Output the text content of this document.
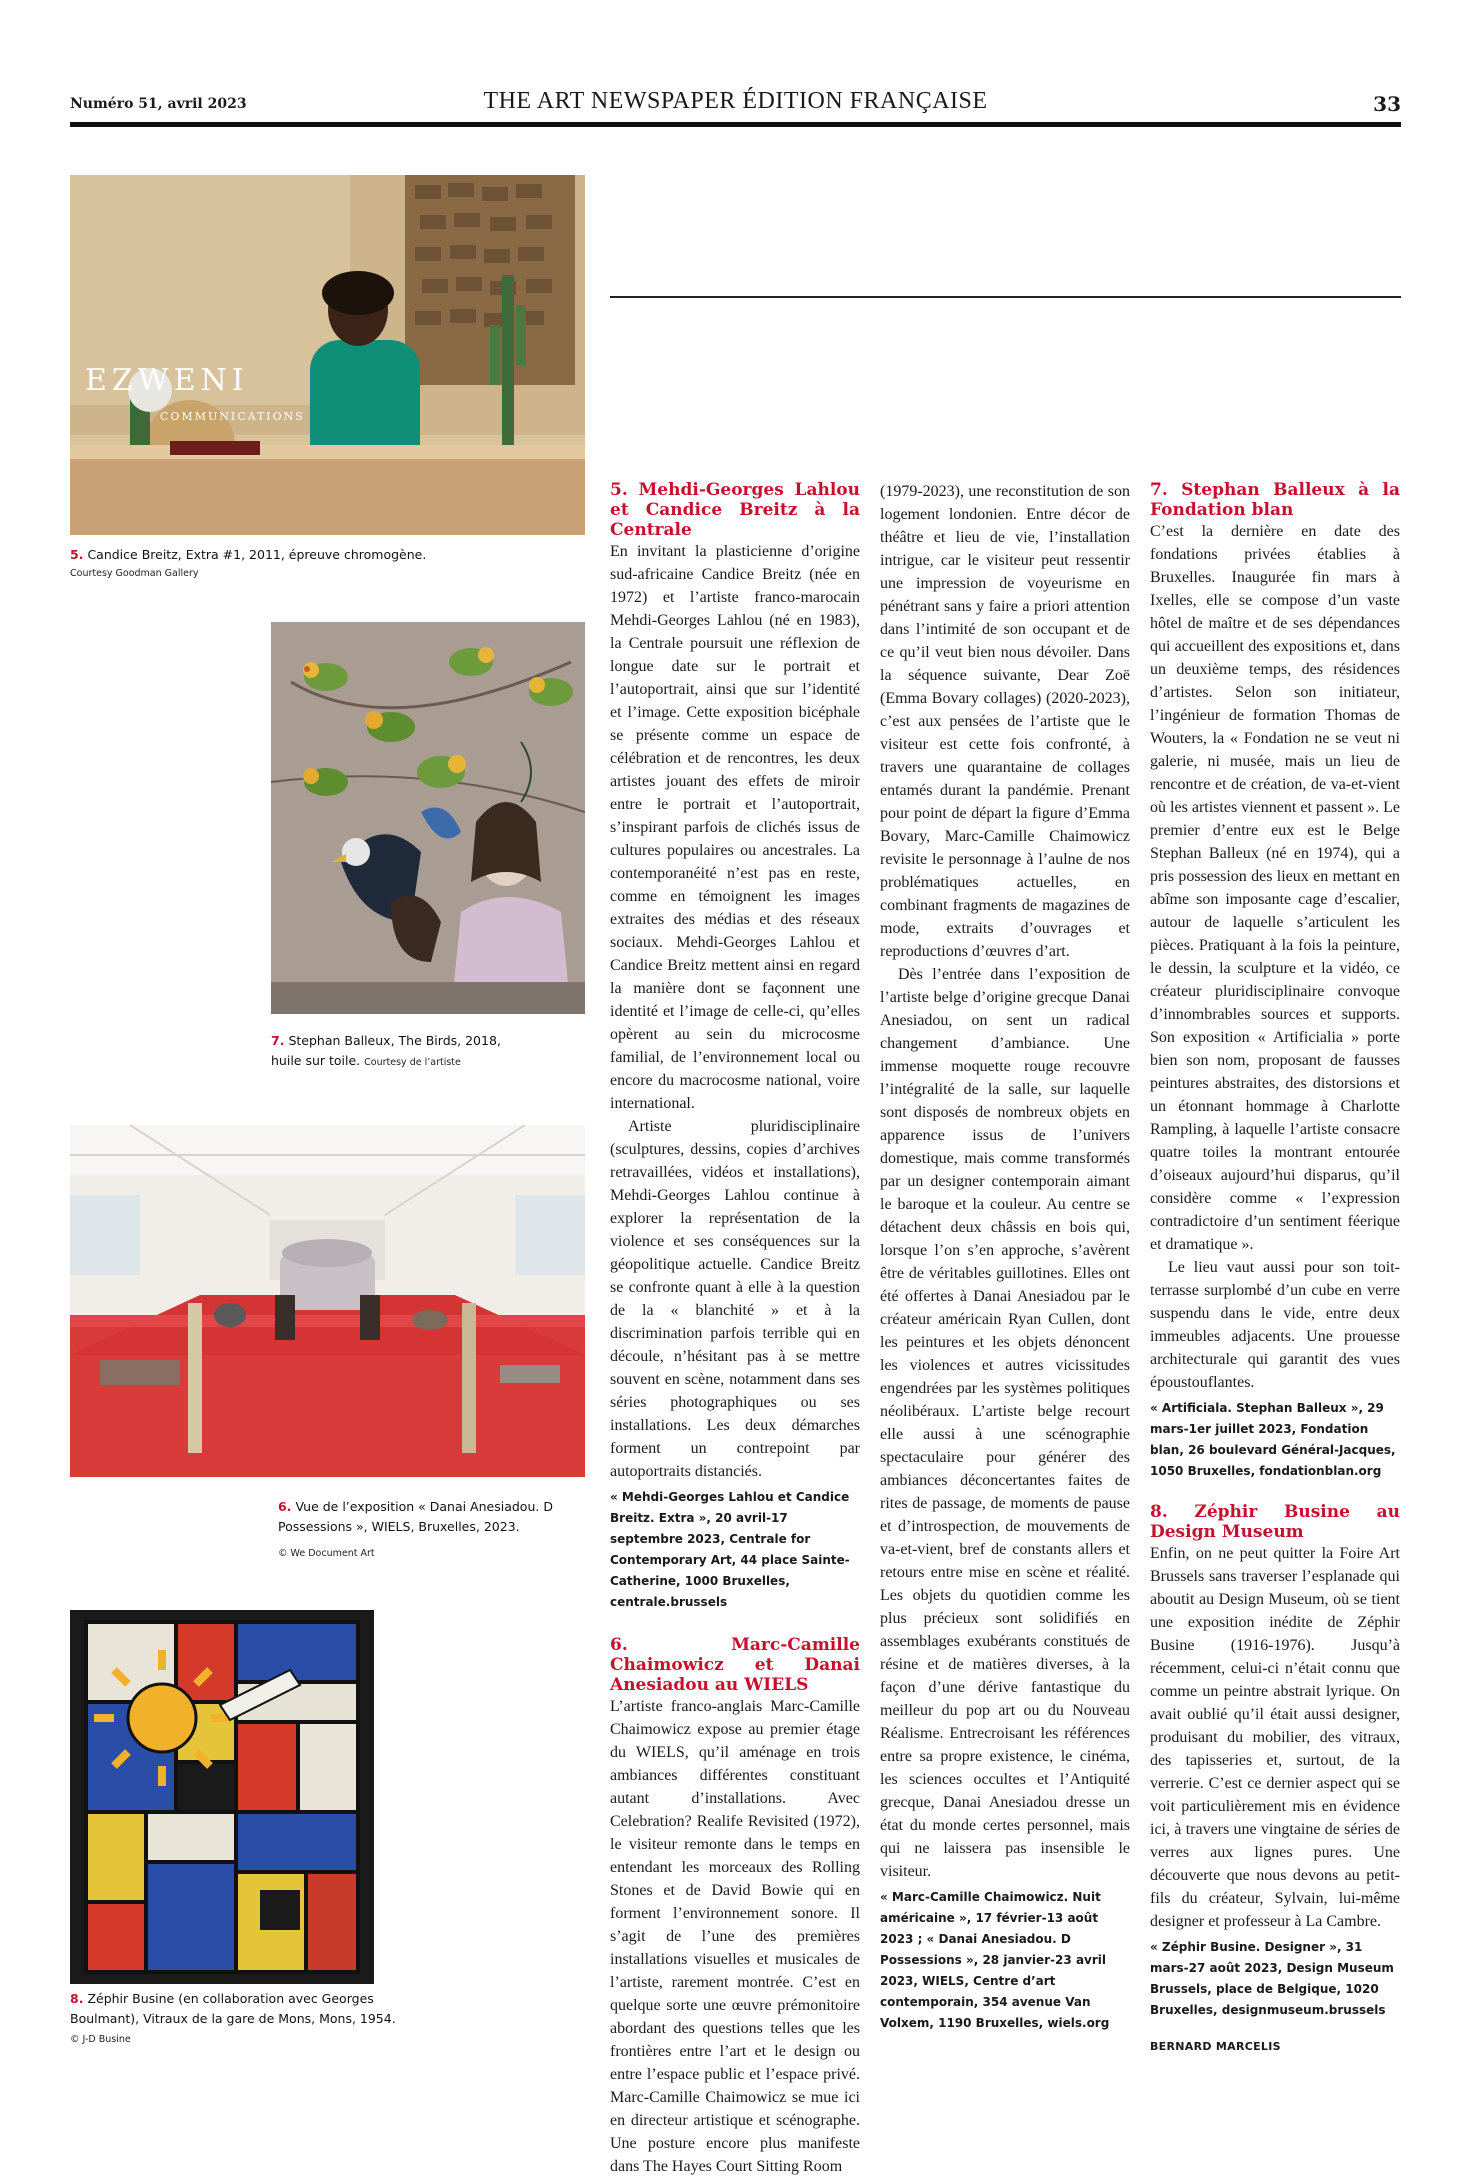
Numéro 51, avril 2023	THE ART NEWSPAPER ÉDITION FRANÇAISE	33
EZWENI
COMMUNICATIONS
5. Candice Breitz, Extra #1, 2011, épreuve chromogène.
Courtesy Goodman Gallery
7. Stephan Balleux, The Birds, 2018, huile sur toile. Courtesy de l’artiste
6. Vue de l’exposition « Danai Anesiadou. D Possessions », WIELS, Bruxelles, 2023.
© We Document Art
8. Zéphir Busine (en collaboration avec Georges Boulmant), Vitraux de la gare de Mons, Mons, 1954.
© J-D Busine
5. Mehdi-Georges Lahlou et Candice Breitz à la Centrale

En invitant la plasticienne d’origine sud-africaine Candice Breitz (née en 1972) et l’artiste franco-marocain Mehdi-Georges Lahlou (né en 1983), la Centrale poursuit une réflexion de longue date sur le portrait et l’autoportrait, ainsi que sur l’identité et l’image. Cette exposition bicéphale se présente comme un espace de célébration et de rencontres, les deux artistes jouant des effets de miroir entre le portrait et l’autoportrait, s’inspirant parfois de clichés issus de cultures populaires ou ancestrales. La contemporanéité n’est pas en reste, comme en témoignent les images extraites des médias et des réseaux sociaux. Mehdi-Georges Lahlou et Candice Breitz mettent ainsi en regard la manière dont se façonnent une identité et l’image de celle-ci, qu’elles opèrent au sein du microcosme familial, de l’environnement local ou encore du macrocosme national, voire international.

Artiste pluridisciplinaire (sculptures, dessins, copies d’archives retravaillées, vidéos et installations), Mehdi-Georges Lahlou continue à explorer la représentation de la violence et ses conséquences sur la géopolitique actuelle. Candice Breitz se confronte quant à elle à la question de la « blanchité » et à la discrimination parfois terrible qui en découle, n’hésitant pas à se mettre souvent en scène, notamment dans ses séries photographiques ou ses installations. Les deux démarches forment un contrepoint par autoportraits distanciés.

« Mehdi-Georges Lahlou et Candice Breitz. Extra », 20 avril-17 septembre 2023, Centrale for Contemporary Art, 44 place Sainte-Catherine, 1000 Bruxelles, centrale.brussels

6. Marc-Camille Chaimowicz et Danai Anesiadou au WIELS

L’artiste franco-anglais Marc-Camille Chaimowicz expose au premier étage du WIELS, qu’il aménage en trois ambiances différentes constituant autant d’installations. Avec Celebration? Realife Revisited (1972), le visiteur remonte dans le temps en entendant les morceaux des Rolling Stones et de David Bowie qui en forment l’environnement sonore. Il s’agit de l’une des premières installations visuelles et musicales de l’artiste, rarement montrée. C’est en quelque sorte une œuvre prémonitoire abordant des questions telles que les frontières entre l’art et le design ou entre l’espace public et l’espace privé. Marc-Camille Chaimowicz se mue ici en directeur artistique et scénographe. Une posture encore plus manifeste dans The Hayes Court Sitting Room

(1979-2023), une reconstitution de son logement londonien. Entre décor de théâtre et lieu de vie, l’installation intrigue, car le visiteur peut ressentir une impression de voyeurisme en pénétrant sans y faire a priori attention dans l’intimité de son occupant et de ce qu’il veut bien nous dévoiler. Dans la séquence suivante, Dear Zoë (Emma Bovary collages) (2020-2023), c’est aux pensées de l’artiste que le visiteur est cette fois confronté, à travers une quarantaine de collages entamés durant la pandémie. Prenant pour point de départ la figure d’Emma Bovary, Marc-Camille Chaimowicz revisite le personnage à l’aulne de nos problématiques actuelles, en combinant fragments de magazines de mode, extraits d’ouvrages et reproductions d’œuvres d’art.

Dès l’entrée dans l’exposition de l’artiste belge d’origine grecque Danai Anesiadou, on sent un radical changement d’ambiance. Une immense moquette rouge recouvre l’intégralité de la salle, sur laquelle sont disposés de nombreux objets en apparence issus de l’univers domestique, mais comme transformés par un designer contemporain aimant le baroque et la couleur. Au centre se détachent deux châssis en bois qui, lorsque l’on s’en approche, s’avèrent être de véritables guillotines. Elles ont été offertes à Danai Anesiadou par le créateur américain Ryan Cullen, dont les peintures et les objets dénoncent les violences et autres vicissitudes engendrées par les systèmes politiques néolibéraux. L’artiste belge recourt elle aussi à une scénographie spectaculaire pour générer des ambiances déconcertantes faites de rites de passage, de moments de pause et d’introspection, de mouvements de va-et-vient, bref de constants allers et retours entre mise en scène et réalité. Les objets du quotidien comme les plus précieux sont solidifiés en assemblages exubérants constitués de résine et de matières diverses, à la façon d’une dérive fantastique du meilleur du pop art ou du Nouveau Réalisme. Entrecroisant les références entre sa propre existence, le cinéma, les sciences occultes et l’Antiquité grecque, Danai Anesiadou dresse un état du monde certes personnel, mais qui ne laissera pas insensible le visiteur.

« Marc-Camille Chaimowicz. Nuit américaine », 17 février-13 août 2023 ; « Danai Anesiadou. D Possessions », 28 janvier-23 avril 2023, WIELS, Centre d’art contemporain, 354 avenue Van Volxem, 1190 Bruxelles, wiels.org

7. Stephan Balleux à la Fondation blan

C’est la dernière en date des fondations privées établies à Bruxelles. Inaugurée fin mars à Ixelles, elle se compose d’un vaste hôtel de maître et de ses dépendances qui accueillent des expositions et, dans un deuxième temps, des résidences d’artistes. Selon son initiateur, l’ingénieur de formation Thomas de Wouters, la « Fondation ne se veut ni galerie, ni musée, mais un lieu de rencontre et de création, de va-et-vient où les artistes viennent et passent ». Le premier d’entre eux est le Belge Stephan Balleux (né en 1974), qui a pris possession des lieux en mettant en abîme son imposante cage d’escalier, autour de laquelle s’articulent les pièces. Pratiquant à la fois la peinture, le dessin, la sculpture et la vidéo, ce créateur pluridisciplinaire convoque d’innombrables sources et supports. Son exposition « Artificialia » porte bien son nom, proposant de fausses peintures abstraites, des distorsions et un étonnant hommage à Charlotte Rampling, à laquelle l’artiste consacre quatre toiles la montrant entourée d’oiseaux aujourd’hui disparus, qu’il considère comme « l’expression contradictoire d’un sentiment féerique et dramatique ».

Le lieu vaut aussi pour son toit-terrasse surplombé d’un cube en verre suspendu dans le vide, entre deux immeubles adjacents. Une prouesse architecturale qui garantit des vues époustouflantes.

« Artificiala. Stephan Balleux », 29 mars-1er juillet 2023, Fondation blan, 26 boulevard Général-Jacques, 1050 Bruxelles, fondationblan.org

8. Zéphir Busine au Design Museum

Enfin, on ne peut quitter la Foire Art Brussels sans traverser l’esplanade qui aboutit au Design Museum, où se tient une exposition inédite de Zéphir Busine (1916-1976). Jusqu’à récemment, celui-ci n’était connu que comme un peintre abstrait lyrique. On avait oublié qu’il était aussi designer, produisant du mobilier, des vitraux, des tapisseries et, surtout, de la verrerie. C’est ce dernier aspect qui se voit particulièrement mis en évidence ici, à travers une vingtaine de séries de verres aux lignes pures. Une découverte que nous devons au petit-fils du créateur, Sylvain, lui-même designer et professeur à La Cambre.

« Zéphir Busine. Designer », 31 mars-27 août 2023, Design Museum Brussels, place de Belgique, 1020 Bruxelles, designmuseum.brussels

BERNARD MARCELIS
